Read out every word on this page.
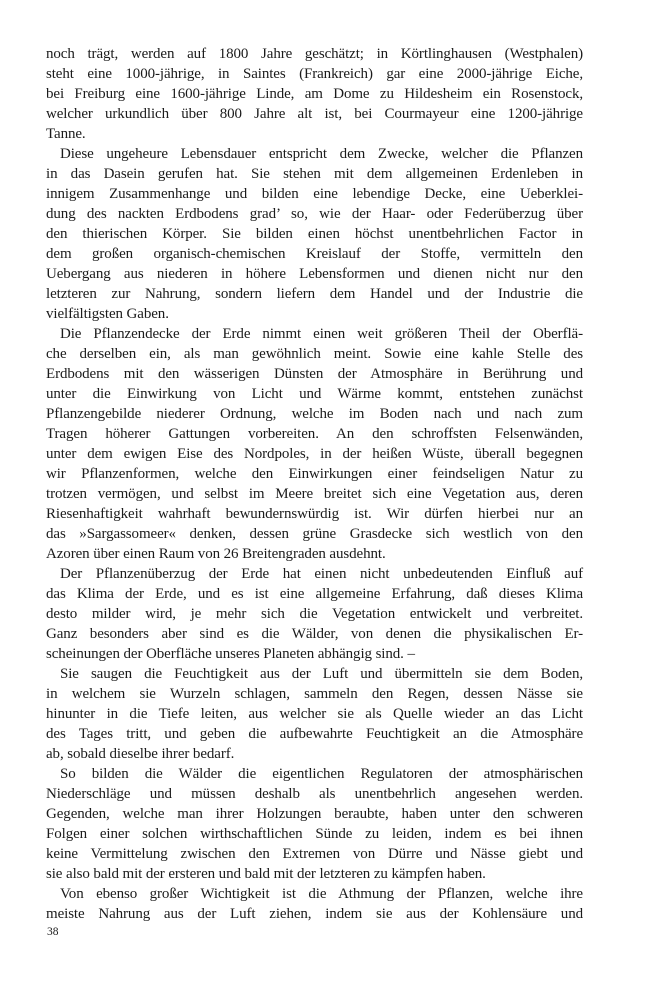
noch trägt, werden auf 1800 Jahre geschätzt; in Körtlinghausen (Westphalen)
steht eine 1000-jährige, in Saintes (Frankreich) gar eine 2000-jährige Eiche,
bei Freiburg eine 1600-jährige Linde, am Dome zu Hildesheim ein Rosenstock,
welcher urkundlich über 800 Jahre alt ist, bei Courmayeur eine 1200-jährige
Tanne.

Diese ungeheure Lebensdauer entspricht dem Zwecke, welcher die Pflanzen
in das Dasein gerufen hat. Sie stehen mit dem allgemeinen Erdenleben in
innigem Zusammenhange und bilden eine lebendige Decke, eine Ueberklei-
dung des nackten Erdbodens grad’ so, wie der Haar- oder Federüberzug über
den thierischen Körper. Sie bilden einen höchst unentbehrlichen Factor in
dem großen organisch-chemischen Kreislauf der Stoffe, vermitteln den
Uebergang aus niederen in höhere Lebensformen und dienen nicht nur den
letzteren zur Nahrung, sondern liefern dem Handel und der Industrie die
vielfältigsten Gaben.

Die Pflanzendecke der Erde nimmt einen weit größeren Theil der Oberflä-
che derselben ein, als man gewöhnlich meint. Sowie eine kahle Stelle des
Erdbodens mit den wässerigen Dünsten der Atmosphäre in Berührung und
unter die Einwirkung von Licht und Wärme kommt, entstehen zunächst
Pflanzengebilde niederer Ordnung, welche im Boden nach und nach zum
Tragen höherer Gattungen vorbereiten. An den schroffsten Felsenwänden,
unter dem ewigen Eise des Nordpoles, in der heißen Wüste, überall begegnen
wir Pflanzenformen, welche den Einwirkungen einer feindseligen Natur zu
trotzen vermögen, und selbst im Meere breitet sich eine Vegetation aus, deren
Riesenhaftigkeit wahrhaft bewundernswürdig ist. Wir dürfen hierbei nur an
das »Sargassomeer« denken, dessen grüne Grasdecke sich westlich von den
Azoren über einen Raum von 26 Breitengraden ausdehnt.

Der Pflanzenüberzug der Erde hat einen nicht unbedeutenden Einfluß auf
das Klima der Erde, und es ist eine allgemeine Erfahrung, daß dieses Klima
desto milder wird, je mehr sich die Vegetation entwickelt und verbreitet.
Ganz besonders aber sind es die Wälder, von denen die physikalischen Er-
scheinungen der Oberfläche unseres Planeten abhängig sind. –

Sie saugen die Feuchtigkeit aus der Luft und übermitteln sie dem Boden,
in welchem sie Wurzeln schlagen, sammeln den Regen, dessen Nässe sie
hinunter in die Tiefe leiten, aus welcher sie als Quelle wieder an das Licht
des Tages tritt, und geben die aufbewahrte Feuchtigkeit an die Atmosphäre
ab, sobald dieselbe ihrer bedarf.

So bilden die Wälder die eigentlichen Regulatoren der atmosphärischen
Niederschläge und müssen deshalb als unentbehrlich angesehen werden.
Gegenden, welche man ihrer Holzungen beraubte, haben unter den schweren
Folgen einer solchen wirthschaftlichen Sünde zu leiden, indem es bei ihnen
keine Vermittelung zwischen den Extremen von Dürre und Nässe giebt und
sie also bald mit der ersteren und bald mit der letzteren zu kämpfen haben.

Von ebenso großer Wichtigkeit ist die Athmung der Pflanzen, welche ihre
meiste Nahrung aus der Luft ziehen, indem sie aus der Kohlensäure und

38
